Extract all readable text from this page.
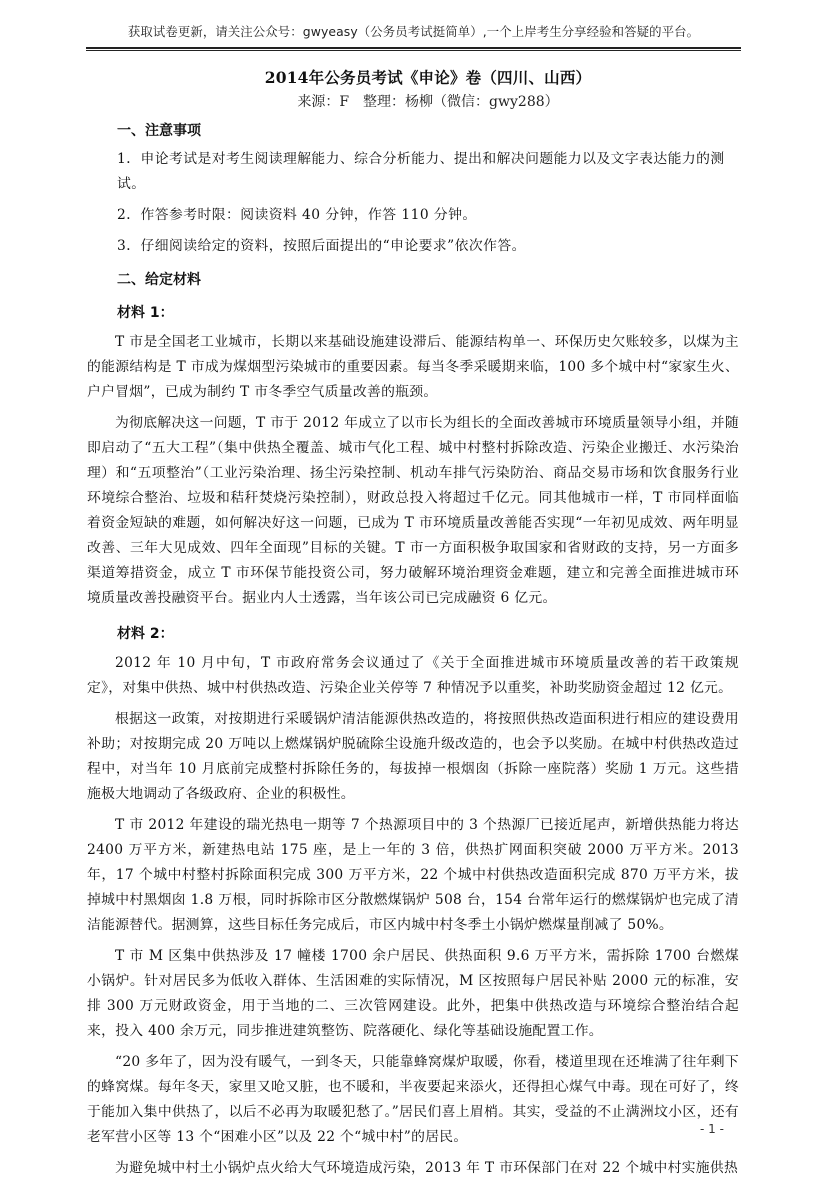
获取试卷更新，请关注公众号：gwyeasy（公务员考试挺简单）,一个上岸考生分享经验和答疑的平台。
2014年公务员考试《申论》卷（四川、山西）

来源：F　整理：杨柳（微信：gwy288）

一、注意事项

1．申论考试是对考生阅读理解能力、综合分析能力、提出和解决问题能力以及文字表达能力的测试。

2．作答参考时限：阅读资料 40 分钟，作答 110 分钟。

3．仔细阅读给定的资料，按照后面提出的“申论要求”依次作答。

二、给定材料

材料 1：

T 市是全国老工业城市，长期以来基础设施建设滞后、能源结构单一、环保历史欠账较多，以煤为主的能源结构是 T 市成为煤烟型污染城市的重要因素。每当冬季采暖期来临，100 多个城中村“家家生火、户户冒烟”，已成为制约 T 市冬季空气质量改善的瓶颈。

为彻底解决这一问题，T 市于 2012 年成立了以市长为组长的全面改善城市环境质量领导小组，并随即启动了“五大工程”（集中供热全覆盖、城市气化工程、城中村整村拆除改造、污染企业搬迁、水污染治理）和“五项整治”（工业污染治理、扬尘污染控制、机动车排气污染防治、商品交易市场和饮食服务行业环境综合整治、垃圾和秸秆焚烧污染控制），财政总投入将超过千亿元。同其他城市一样，T 市同样面临着资金短缺的难题，如何解决好这一问题，已成为 T 市环境质量改善能否实现“一年初见成效、两年明显改善、三年大见成效、四年全面现”目标的关键。T 市一方面积极争取国家和省财政的支持，另一方面多渠道筹措资金，成立 T 市环保节能投资公司，努力破解环境治理资金难题，建立和完善全面推进城市环境质量改善投融资平台。据业内人士透露，当年该公司已完成融资 6 亿元。

材料 2：

2012 年 10 月中旬，T 市政府常务会议通过了《关于全面推进城市环境质量改善的若干政策规定》，对集中供热、城中村供热改造、污染企业关停等 7 种情况予以重奖，补助奖励资金超过 12 亿元。

根据这一政策，对按期进行采暖锅炉清洁能源供热改造的，将按照供热改造面积进行相应的建设费用补助；对按期完成 20 万吨以上燃煤锅炉脱硫除尘设施升级改造的，也会予以奖励。在城中村供热改造过程中，对当年 10 月底前完成整村拆除任务的，每拔掉一根烟囱（拆除一座院落）奖励 1 万元。这些措施极大地调动了各级政府、企业的积极性。

T 市 2012 年建设的瑞光热电一期等 7 个热源项目中的 3 个热源厂已接近尾声，新增供热能力将达 2400 万平方米，新建热电站 175 座，是上一年的 3 倍，供热扩网面积突破 2000 万平方米。2013 年，17 个城中村整村拆除面积完成 300 万平方米，22 个城中村供热改造面积完成 870 万平方米，拔掉城中村黑烟囱 1.8 万根，同时拆除市区分散燃煤锅炉 508 台，154 台常年运行的燃煤锅炉也完成了清洁能源替代。据测算，这些目标任务完成后，市区内城中村冬季土小锅炉燃煤量削减了 50%。

T 市 M 区集中供热涉及 17 幢楼 1700 余户居民、供热面积 9.6 万平方米，需拆除 1700 台燃煤小锅炉。针对居民多为低收入群体、生活困难的实际情况，M 区按照每户居民补贴 2000 元的标准，安排 300 万元财政资金，用于当地的二、三次管网建设。此外，把集中供热改造与环境综合整治结合起来，投入 400 余万元，同步推进建筑整饬、院落硬化、绿化等基础设施配置工作。

“20 多年了，因为没有暖气，一到冬天，只能靠蜂窝煤炉取暖，你看，楼道里现在还堆满了往年剩下的蜂窝煤。每年冬天，家里又呛又脏，也不暖和，半夜要起来添火，还得担心煤气中毒。现在可好了，终于能加入集中供热了，以后不必再为取暖犯愁了。”居民们喜上眉梢。其实，受益的不止满洲坟小区，还有老军营小区等 13 个“困难小区”以及 22 个“城中村”的居民。

为避免城中村土小锅炉点火给大气环境造成污染，2013 年 T 市环保部门在对 22 个城中村实施供热

- 1 -
